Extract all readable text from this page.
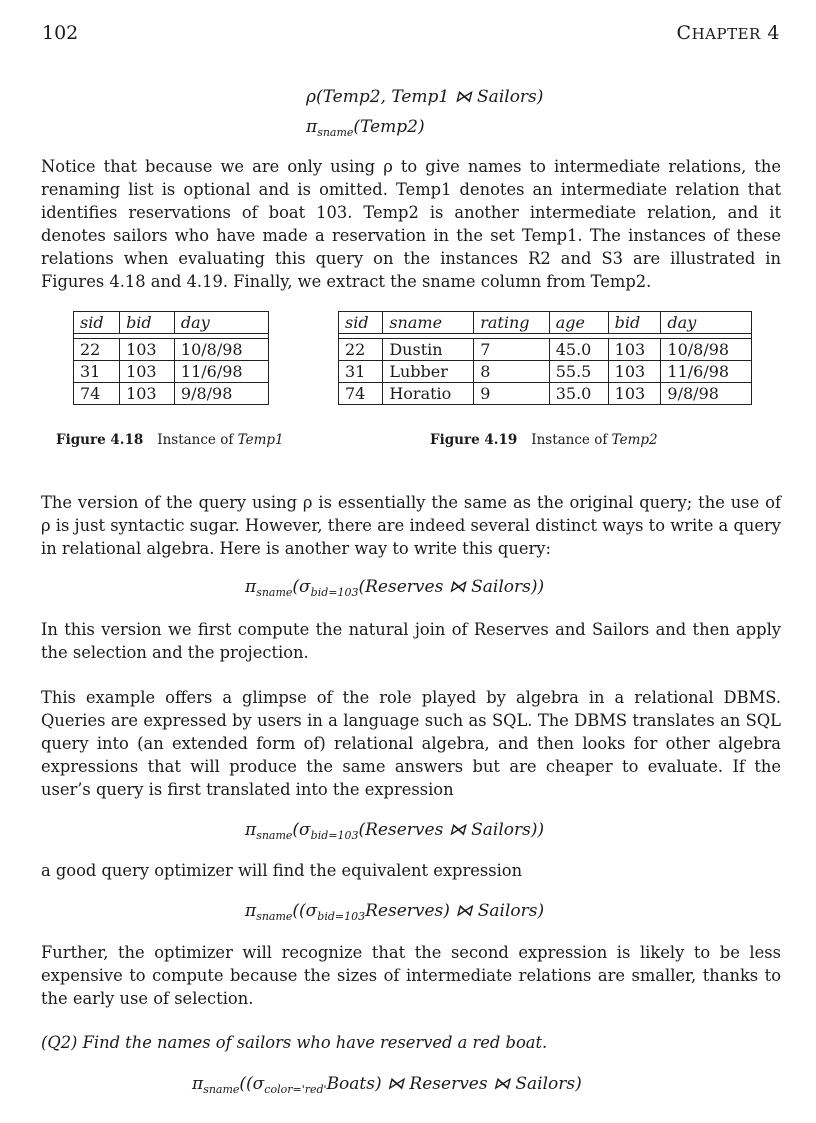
102	CHAPTER 4
ρ(Temp2, Temp1 ⋈ Sailors)
$\pi_{sname}(Temp2)$

Notice that because we are only using ρ to give names to intermediate relations, the renaming list is optional and is omitted. Temp1 denotes an intermediate relation that identifies reservations of boat 103. Temp2 is another intermediate relation, and it denotes sailors who have made a reservation in the set Temp1. The instances of these relations when evaluating this query on the instances R2 and S3 are illustrated in Figures 4.18 and 4.19. Finally, we extract the sname column from Temp2.

sid	bid	day

22	103	10/8/98
31	103	11/6/98
74	103	9/8/98
sid	sname	rating	age	bid	day

22	Dustin	7	45.0	103	10/8/98
31	Lubber	8	55.5	103	11/6/98
74	Horatio	9	35.0	103	9/8/98
Figure 4.18 Instance of Temp1	Figure 4.19 Instance of Temp2

The version of the query using ρ is essentially the same as the original query; the use of ρ is just syntactic sugar. However, there are indeed several distinct ways to write a query in relational algebra. Here is another way to write this query:

$\pi_{sname}(\sigma_{bid=103}(Reserves$ ⋈ Sailors))

In this version we first compute the natural join of Reserves and Sailors and then apply the selection and the projection.

This example offers a glimpse of the role played by algebra in a relational DBMS. Queries are expressed by users in a language such as SQL. The DBMS translates an SQL query into (an extended form of) relational algebra, and then looks for other algebra expressions that will produce the same answers but are cheaper to evaluate. If the user’s query is first translated into the expression

$\pi_{sname}(\sigma_{bid=103}(Reserves$ ⋈ Sailors))

a good query optimizer will find the equivalent expression

$\pi_{sname}((\sigma_{bid=103}Reserves)$ ⋈ Sailors)

Further, the optimizer will recognize that the second expression is likely to be less expensive to compute because the sizes of intermediate relations are smaller, thanks to the early use of selection.

(Q2) Find the names of sailors who have reserved a red boat.
$\pi_{sname}((\sigma_{color='red'}Boats)$ ⋈ Reserves ⋈ Sailors)
